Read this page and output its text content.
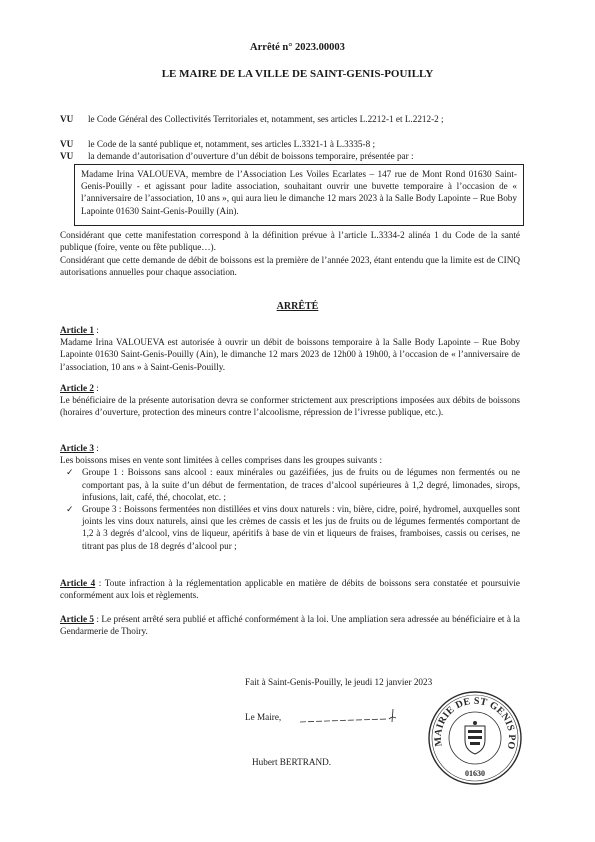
Arrêté n° 2023.00003
LE MAIRE DE LA VILLE DE SAINT-GENIS-POUILLY
VU le Code Général des Collectivités Territoriales et, notamment, ses articles L.2212-1 et L.2212-2 ;
VU le Code de la santé publique et, notamment, ses articles L.3321-1 à L.3335-8 ;
VU la demande d’autorisation d’ouverture d’un débit de boissons temporaire, présentée par :
Madame Irina VALOUEVA, membre de l’Association Les Voiles Ecarlates – 147 rue de Mont Rond 01630 Saint-Genis-Pouilly - et agissant pour ladite association, souhaitant ouvrir une buvette temporaire à l’occasion de « l’anniversaire de l’association, 10 ans », qui aura lieu le dimanche 12 mars 2023 à la Salle Body Lapointe – Rue Boby Lapointe 01630 Saint-Genis-Pouilly (Ain).
Considérant que cette manifestation correspond à la définition prévue à l’article L.3334-2 alinéa 1 du Code de la santé publique (foire, vente ou fête publique…).
Considérant que cette demande de débit de boissons est la première de l’année 2023, étant entendu que la limite est de CINQ autorisations annuelles pour chaque association.
ARRÊTÉ
Article 1 :
Madame Irina VALOUEVA est autorisée à ouvrir un débit de boissons temporaire à la Salle Body Lapointe – Rue Boby Lapointe 01630 Saint-Genis-Pouilly (Ain), le dimanche 12 mars 2023 de 12h00 à 19h00, à l’occasion de « l’anniversaire de l’association, 10 ans » à Saint-Genis-Pouilly.
Article 2 :
Le bénéficiaire de la présente autorisation devra se conformer strictement aux prescriptions imposées aux débits de boissons (horaires d’ouverture, protection des mineurs contre l’alcoolisme, répression de l’ivresse publique, etc.).
Article 3 :
Les boissons mises en vente sont limitées à celles comprises dans les groupes suivants :
✓ Groupe 1 : Boissons sans alcool : eaux minérales ou gazéifiées, jus de fruits ou de légumes non fermentés ou ne comportant pas, à la suite d’un début de fermentation, de traces d’alcool supérieures à 1,2 degré, limonades, sirops, infusions, lait, café, thé, chocolat, etc. ;
✓ Groupe 3 : Boissons fermentées non distillées et vins doux naturels : vin, bière, cidre, poiré, hydromel, auxquelles sont joints les vins doux naturels, ainsi que les crèmes de cassis et les jus de fruits ou de légumes fermentés comportant de 1,2 à 3 degrés d’alcool, vins de liqueur, apéritifs à base de vin et liqueurs de fraises, framboises, cassis ou cerises, ne titrant pas plus de 18 degrés d’alcool pur ;
Article 4 : Toute infraction à la réglementation applicable en matière de débits de boissons sera constatée et poursuivie conformément aux lois et règlements.
Article 5 : Le présent arrêté sera publié et affiché conformément à la loi. Une ampliation sera adressée au bénéficiaire et à la Gendarmerie de Thoiry.
Fait à Saint-Genis-Pouilly, le jeudi 12 janvier 2023
Le Maire,
Hubert BERTRAND.
MAIRIE DE ST GENIS PO
01630
